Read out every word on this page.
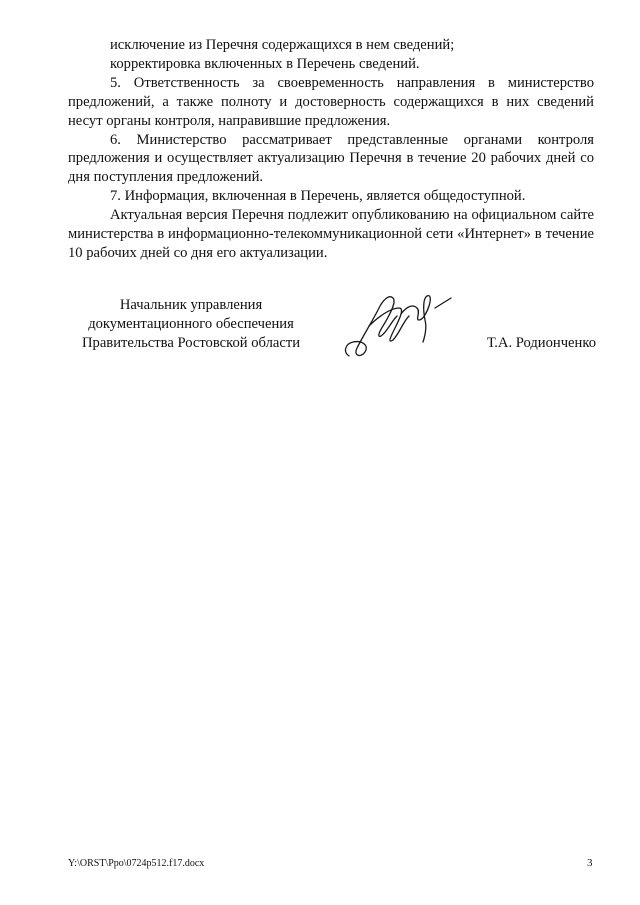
исключение из Перечня содержащихся в нем сведений;

корректировка включенных в Перечень сведений.

5. Ответственность за своевременность направления в министерство предложений, а также полноту и достоверность содержащихся в них сведений несут органы контроля, направившие предложения.

6. Министерство рассматривает представленные органами контроля предложения и осуществляет актуализацию Перечня в течение 20 рабочих дней со дня поступления предложений.

7. Информация, включенная в Перечень, является общедоступной.

Актуальная версия Перечня подлежит опубликованию на официальном сайте министерства в информационно-телекоммуникационной сети «Интернет» в течение 10 рабочих дней со дня его актуализации.

Начальник управления
документационного обеспечения
Правительства Ростовской области	Т.А. Родионченко
Y:\ORST\Ppo\0724p512.f17.docx	3
